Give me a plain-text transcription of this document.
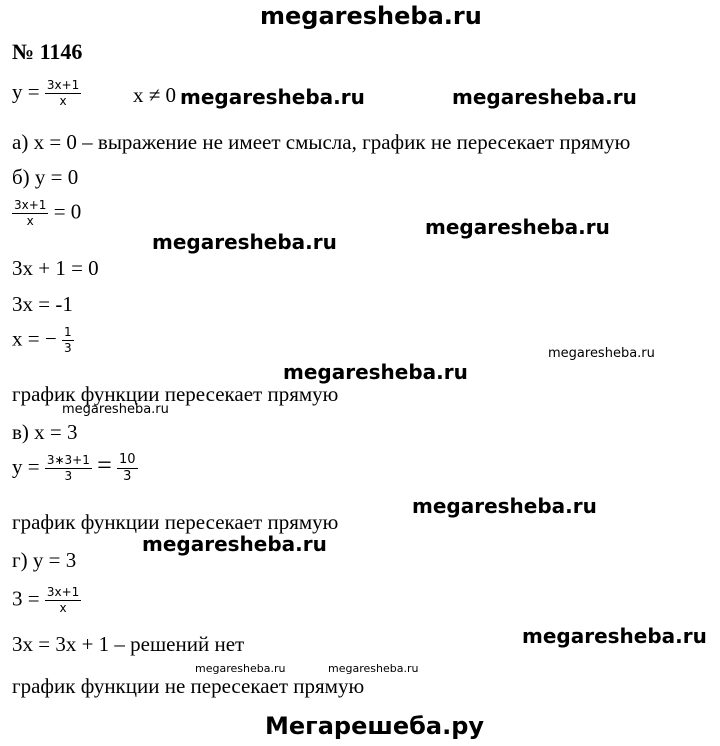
megaresheba.ru
№ 1146
$y = \frac{3x+1}{x}$ x ≠ 0 megaresheba.ru	megaresheba.ru
а) x = 0 – выражение не имеет смысла, график не пересекает прямую
б) y = 0
$\frac{3x+1}{x} = 0$
megaresheba.ru
megaresheba.ru
3x + 1 = 0
3x = -1
x = − $\frac{1}{3}$	megaresheba.ru
megaresheba.ru
график функции пересекает прямую
megaresheba.ru
в) x = 3
$y = \frac{3∗3+1}{3} = \frac{10}{3}$
megaresheba.ru
график функции пересекает прямую
megaresheba.ru
г) y = 3
$3 = \frac{3x+1}{x}$
megaresheba.ru
3x = 3x + 1 – решений нет
megaresheba.ru	megaresheba.ru
график функции не пересекает прямую
Мегарешеба.ру
